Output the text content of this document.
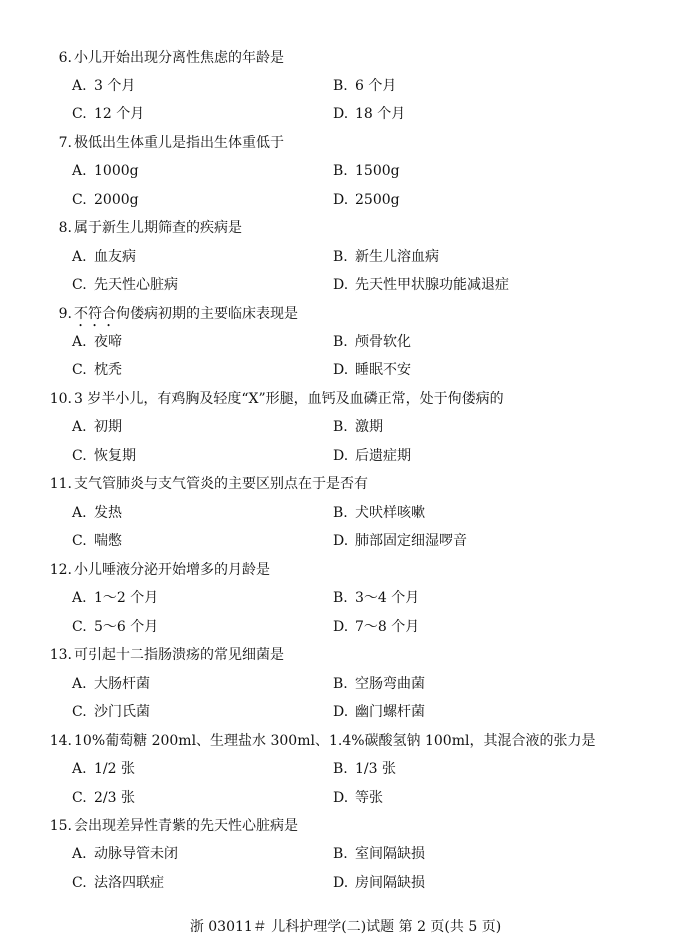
6. 小儿开始出现分离性焦虑的年龄是
A. 3 个月	B. 6 个月
C. 12 个月	D. 18 个月
7. 极低出生体重儿是指出生体重低于
A. 1000g	B. 1500g
C. 2000g	D. 2500g
8. 属于新生儿期筛查的疾病是
A. 血友病	B. 新生儿溶血病
C. 先天性心脏病	D. 先天性甲状腺功能减退症
9. 不符合佝偻病初期的主要临床表现是
A. 夜啼	B. 颅骨软化
C. 枕秃	D. 睡眠不安
10. 3 岁半小儿，有鸡胸及轻度“X”形腿，血钙及血磷正常，处于佝偻病的
A. 初期	B. 激期
C. 恢复期	D. 后遗症期
11. 支气管肺炎与支气管炎的主要区别点在于是否有
A. 发热	B. 犬吠样咳嗽
C. 喘憋	D. 肺部固定细湿啰音
12. 小儿唾液分泌开始增多的月龄是
A. 1～2 个月	B. 3～4 个月
C. 5～6 个月	D. 7～8 个月
13. 可引起十二指肠溃疡的常见细菌是
A. 大肠杆菌	B. 空肠弯曲菌
C. 沙门氏菌	D. 幽门螺杆菌
14. 10%葡萄糖 200ml、生理盐水 300ml、1.4%碳酸氢钠 100ml，其混合液的张力是
A. 1/2 张	B. 1/3 张
C. 2/3 张	D. 等张
15. 会出现差异性青紫的先天性心脏病是
A. 动脉导管未闭	B. 室间隔缺损
C. 法洛四联症	D. 房间隔缺损
浙 03011＃ 儿科护理学(二)试题 第 2 页(共 5 页)
